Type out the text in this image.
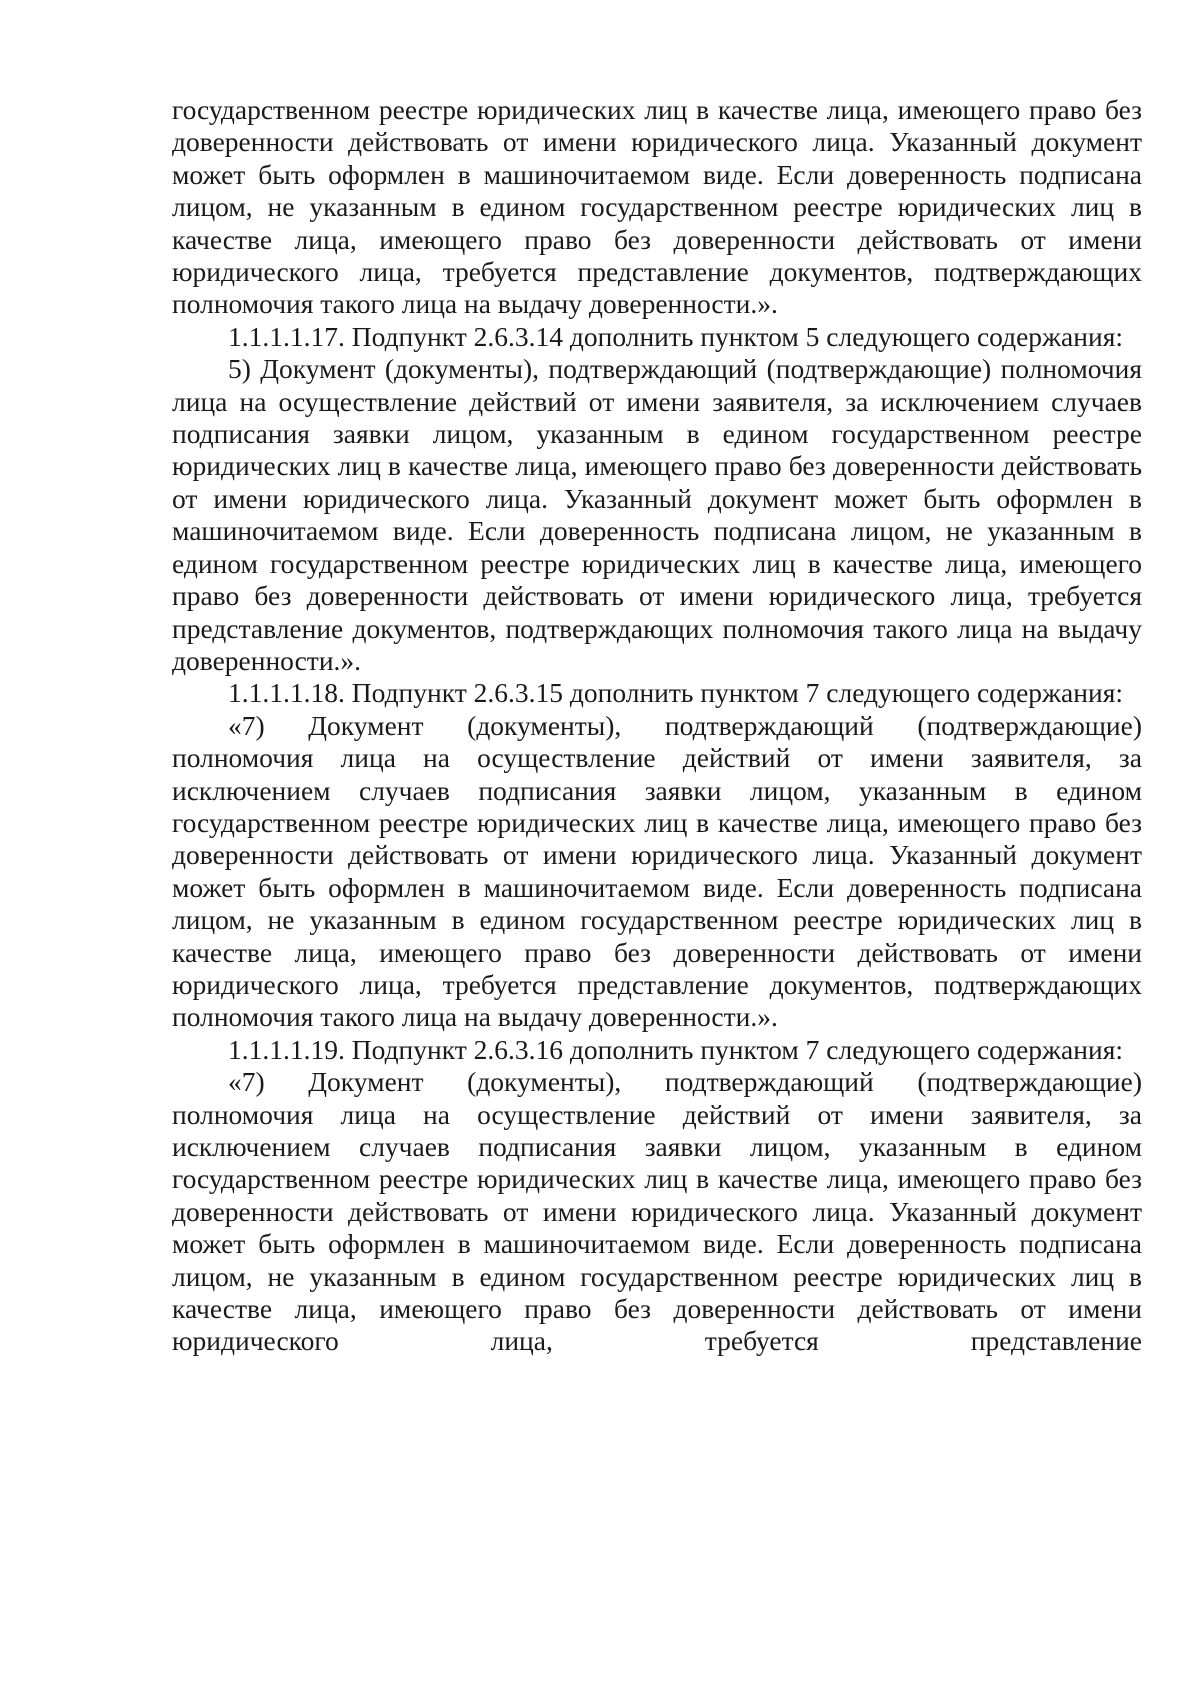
государственном реестре юридических лиц в качестве лица, имеющего право без доверенности действовать от имени юридического лица. Указанный документ может быть оформлен в машиночитаемом виде. Если доверенность подписана лицом, не указанным в едином государственном реестре юридических лиц в качестве лица, имеющего право без доверенности действовать от имени юридического лица, требуется представление документов, подтверждающих полномочия такого лица на выдачу доверенности.».

1.1.1.1.17. Подпункт 2.6.3.14 дополнить пунктом 5 следующего содержания:

5) Документ (документы), подтверждающий (подтверждающие) полномочия лица на осуществление действий от имени заявителя, за исключением случаев подписания заявки лицом, указанным в едином государственном реестре юридических лиц в качестве лица, имеющего право без доверенности действовать от имени юридического лица. Указанный документ может быть оформлен в машиночитаемом виде. Если доверенность подписана лицом, не указанным в едином государственном реестре юридических лиц в качестве лица, имеющего право без доверенности действовать от имени юридического лица, требуется представление документов, подтверждающих полномочия такого лица на выдачу доверенности.».

1.1.1.1.18. Подпункт 2.6.3.15 дополнить пунктом 7 следующего содержания:

«7) Документ (документы), подтверждающий (подтверждающие) полномочия лица на осуществление действий от имени заявителя, за исключением случаев подписания заявки лицом, указанным в едином государственном реестре юридических лиц в качестве лица, имеющего право без доверенности действовать от имени юридического лица. Указанный документ может быть оформлен в машиночитаемом виде. Если доверенность подписана лицом, не указанным в едином государственном реестре юридических лиц в качестве лица, имеющего право без доверенности действовать от имени юридического лица, требуется представление документов, подтверждающих полномочия такого лица на выдачу доверенности.».

1.1.1.1.19. Подпункт 2.6.3.16 дополнить пунктом 7 следующего содержания:

«7) Документ (документы), подтверждающий (подтверждающие) полномочия лица на осуществление действий от имени заявителя, за исключением случаев подписания заявки лицом, указанным в едином государственном реестре юридических лиц в качестве лица, имеющего право без доверенности действовать от имени юридического лица. Указанный документ может быть оформлен в машиночитаемом виде. Если доверенность подписана лицом, не указанным в едином государственном реестре юридических лиц в качестве лица, имеющего право без доверенности действовать от имени юридического лица, требуется представление
